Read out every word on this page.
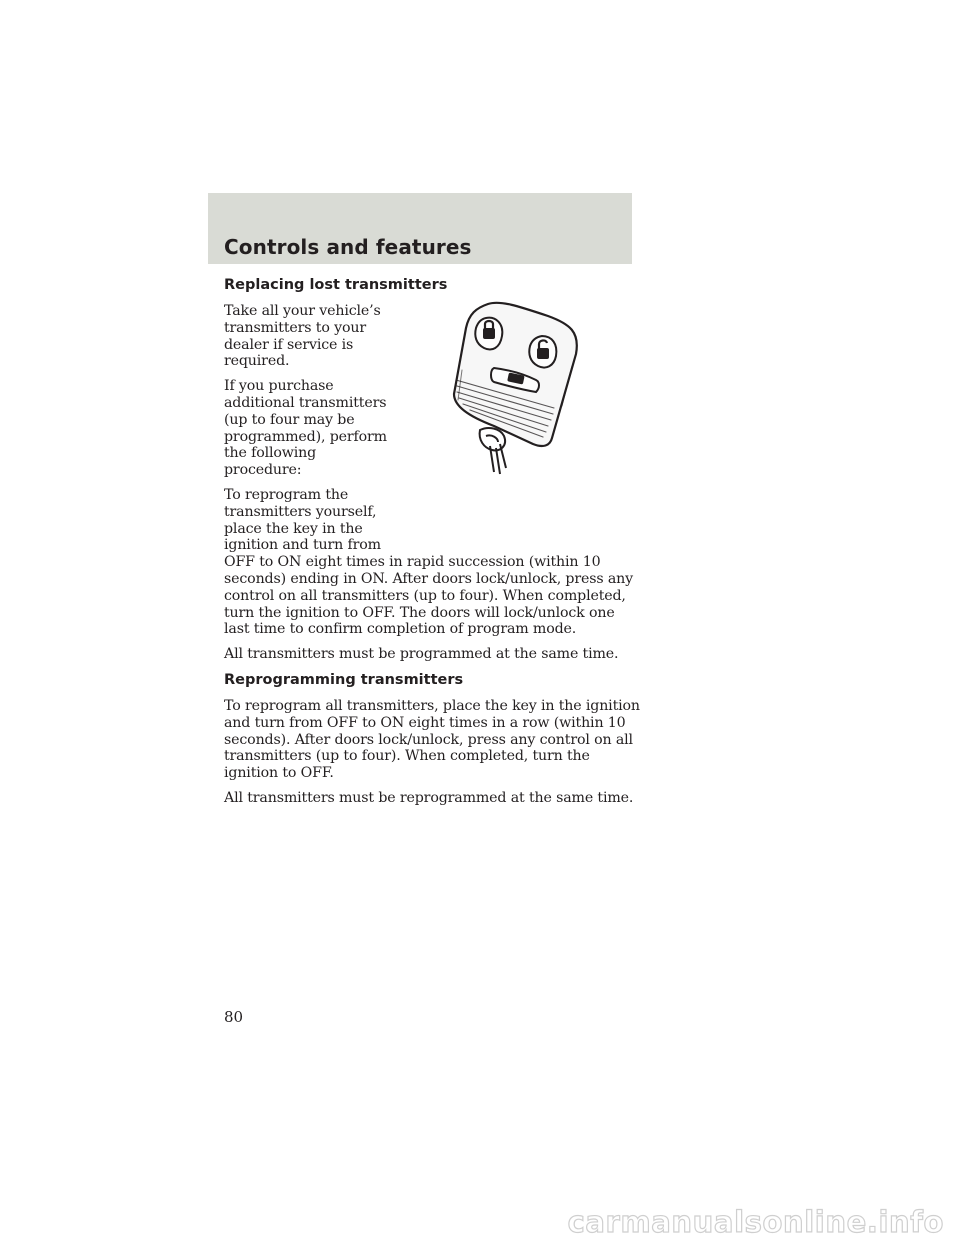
Controls and features
Replacing lost transmitters

Take all your vehicle’s transmitters to your dealer if service is required.

If you purchase additional transmitters (up to four may be programmed), perform the following procedure:

To reprogram the transmitters yourself, place the key in the ignition and turn from OFF to ON eight times in rapid succession (within 10 seconds) ending in ON. After doors lock/unlock, press any control on all transmitters (up to four). When completed, turn the ignition to OFF. The doors will lock/unlock one last time to confirm completion of program mode.

All transmitters must be programmed at the same time.

Reprogramming transmitters

To reprogram all transmitters, place the key in the ignition and turn from OFF to ON eight times in a row (within 10 seconds). After doors lock/unlock, press any control on all transmitters (up to four). When completed, turn the ignition to OFF.

All transmitters must be reprogrammed at the same time.

80
carmanualsonline.info
